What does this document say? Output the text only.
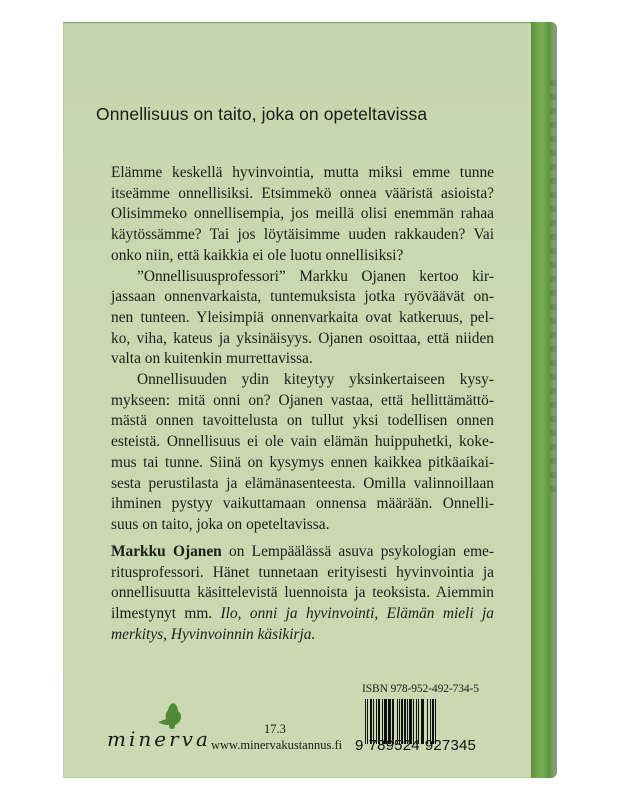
Onnellisuus on taito, joka on opeteltavissa
Elämme keskellä hyvinvointia, mutta miksi emme tunne
itseämme onnellisiksi. Etsimmekö onnea vääristä asioista?
Olisimmeko onnellisempia, jos meillä olisi enemmän rahaa
käytössämme? Tai jos löytäisimme uuden rakkauden? Vai
onko niin, että kaikkia ei ole luotu onnellisiksi?
”Onnellisuusprofessori” Markku Ojanen kertoo kir-
jassaan onnenvarkaista, tuntemuksista jotka ryöväävät on-
nen tunteen. Yleisimpiä onnenvarkaita ovat katkeruus, pel-
ko, viha, kateus ja yksinäisyys. Ojanen osoittaa, että niiden
valta on kuitenkin murrettavissa.
Onnellisuuden ydin kiteytyy yksinkertaiseen kysy-
mykseen: mitä onni on? Ojanen vastaa, että hellittämättö-
mästä onnen tavoittelusta on tullut yksi todellisen onnen
esteistä. Onnellisuus ei ole vain elämän huippuhetki, koke-
mus tai tunne. Siinä on kysymys ennen kaikkea pitkäaikai-
sesta perustilasta ja elämänasenteesta. Omilla valinnoillaan
ihminen pystyy vaikuttamaan onnensa määrään. Onnelli-
suus on taito, joka on opeteltavissa.
Markku Ojanen on Lempäälässä asuva psykologian eme-
ritusprofessori. Hänet tunnetaan erityisesti hyvinvointia ja
onnellisuutta käsittelevistä luennoista ja teoksista. Aiemmin
ilmestynyt mm. Ilo, onni ja hyvinvointi, Elämän mieli ja
merkitys, Hyvinvoinnin käsikirja.
minerva	17.3
www.minervakustannus.fi
ISBN 978-952-492-734-5
9 789524 927345
